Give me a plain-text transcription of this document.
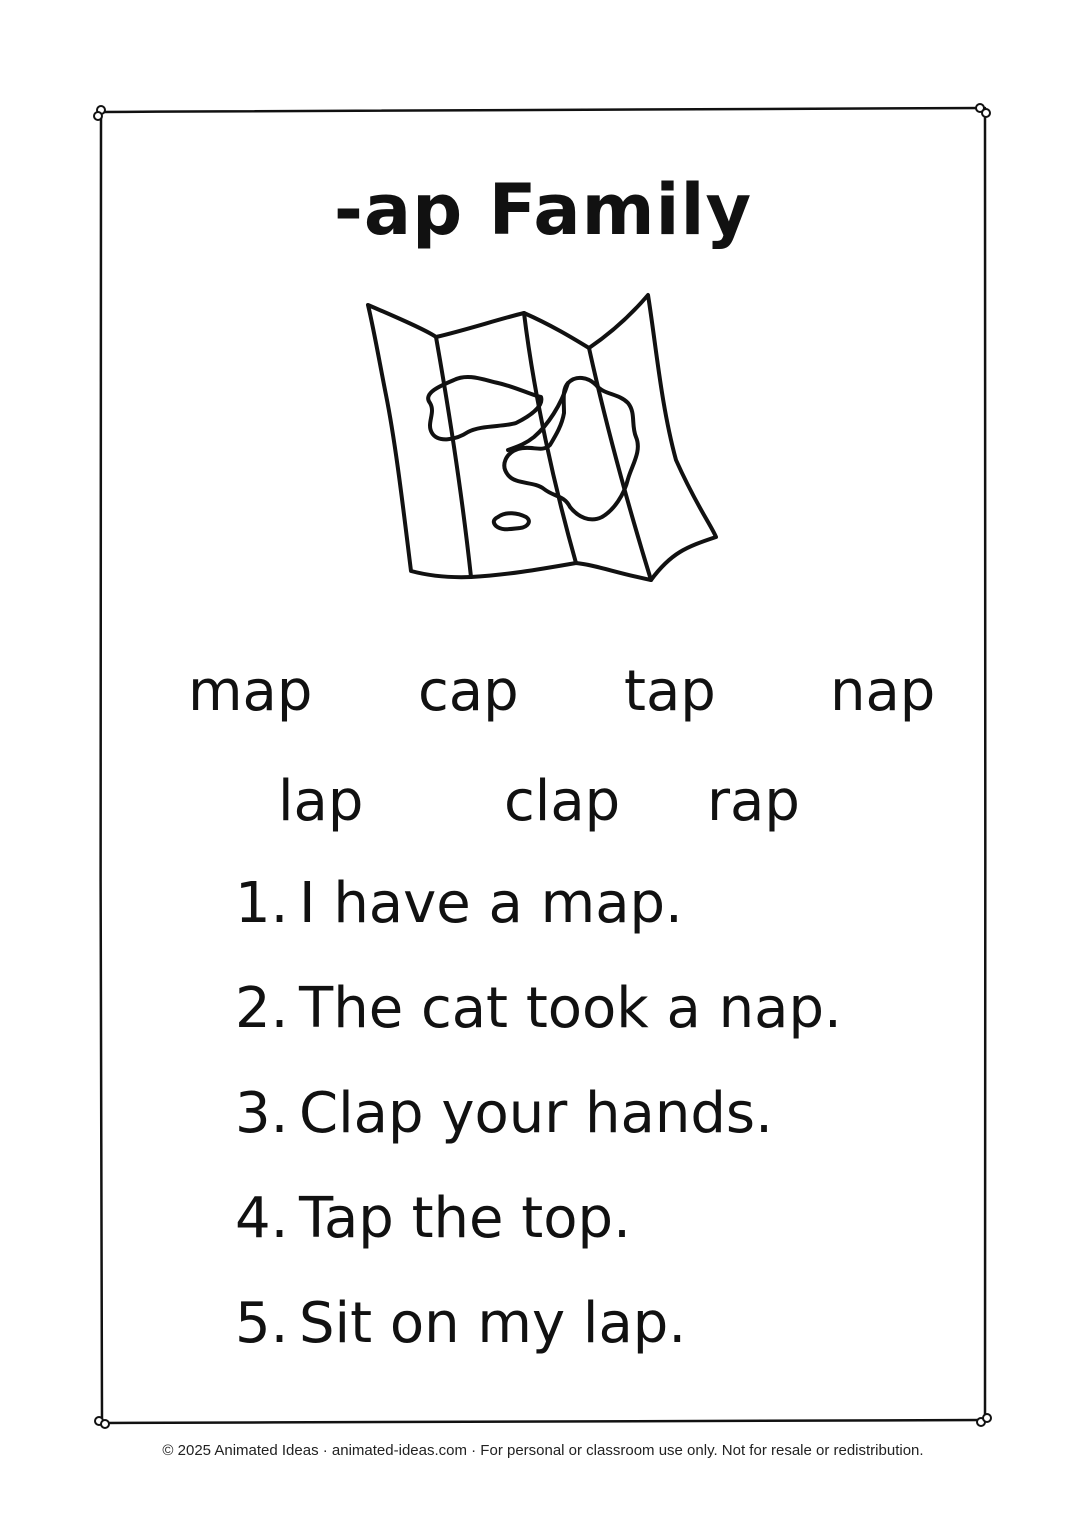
-ap Family
map cap tap nap
lap	clap rap
1. I have a map.
2. The cat took a nap.
3. Clap your hands.
4. Tap the top.
5. Sit on my lap.
© 2025 Animated Ideas · animated-ideas.com · For personal or classroom use only. Not for resale or redistribution.
